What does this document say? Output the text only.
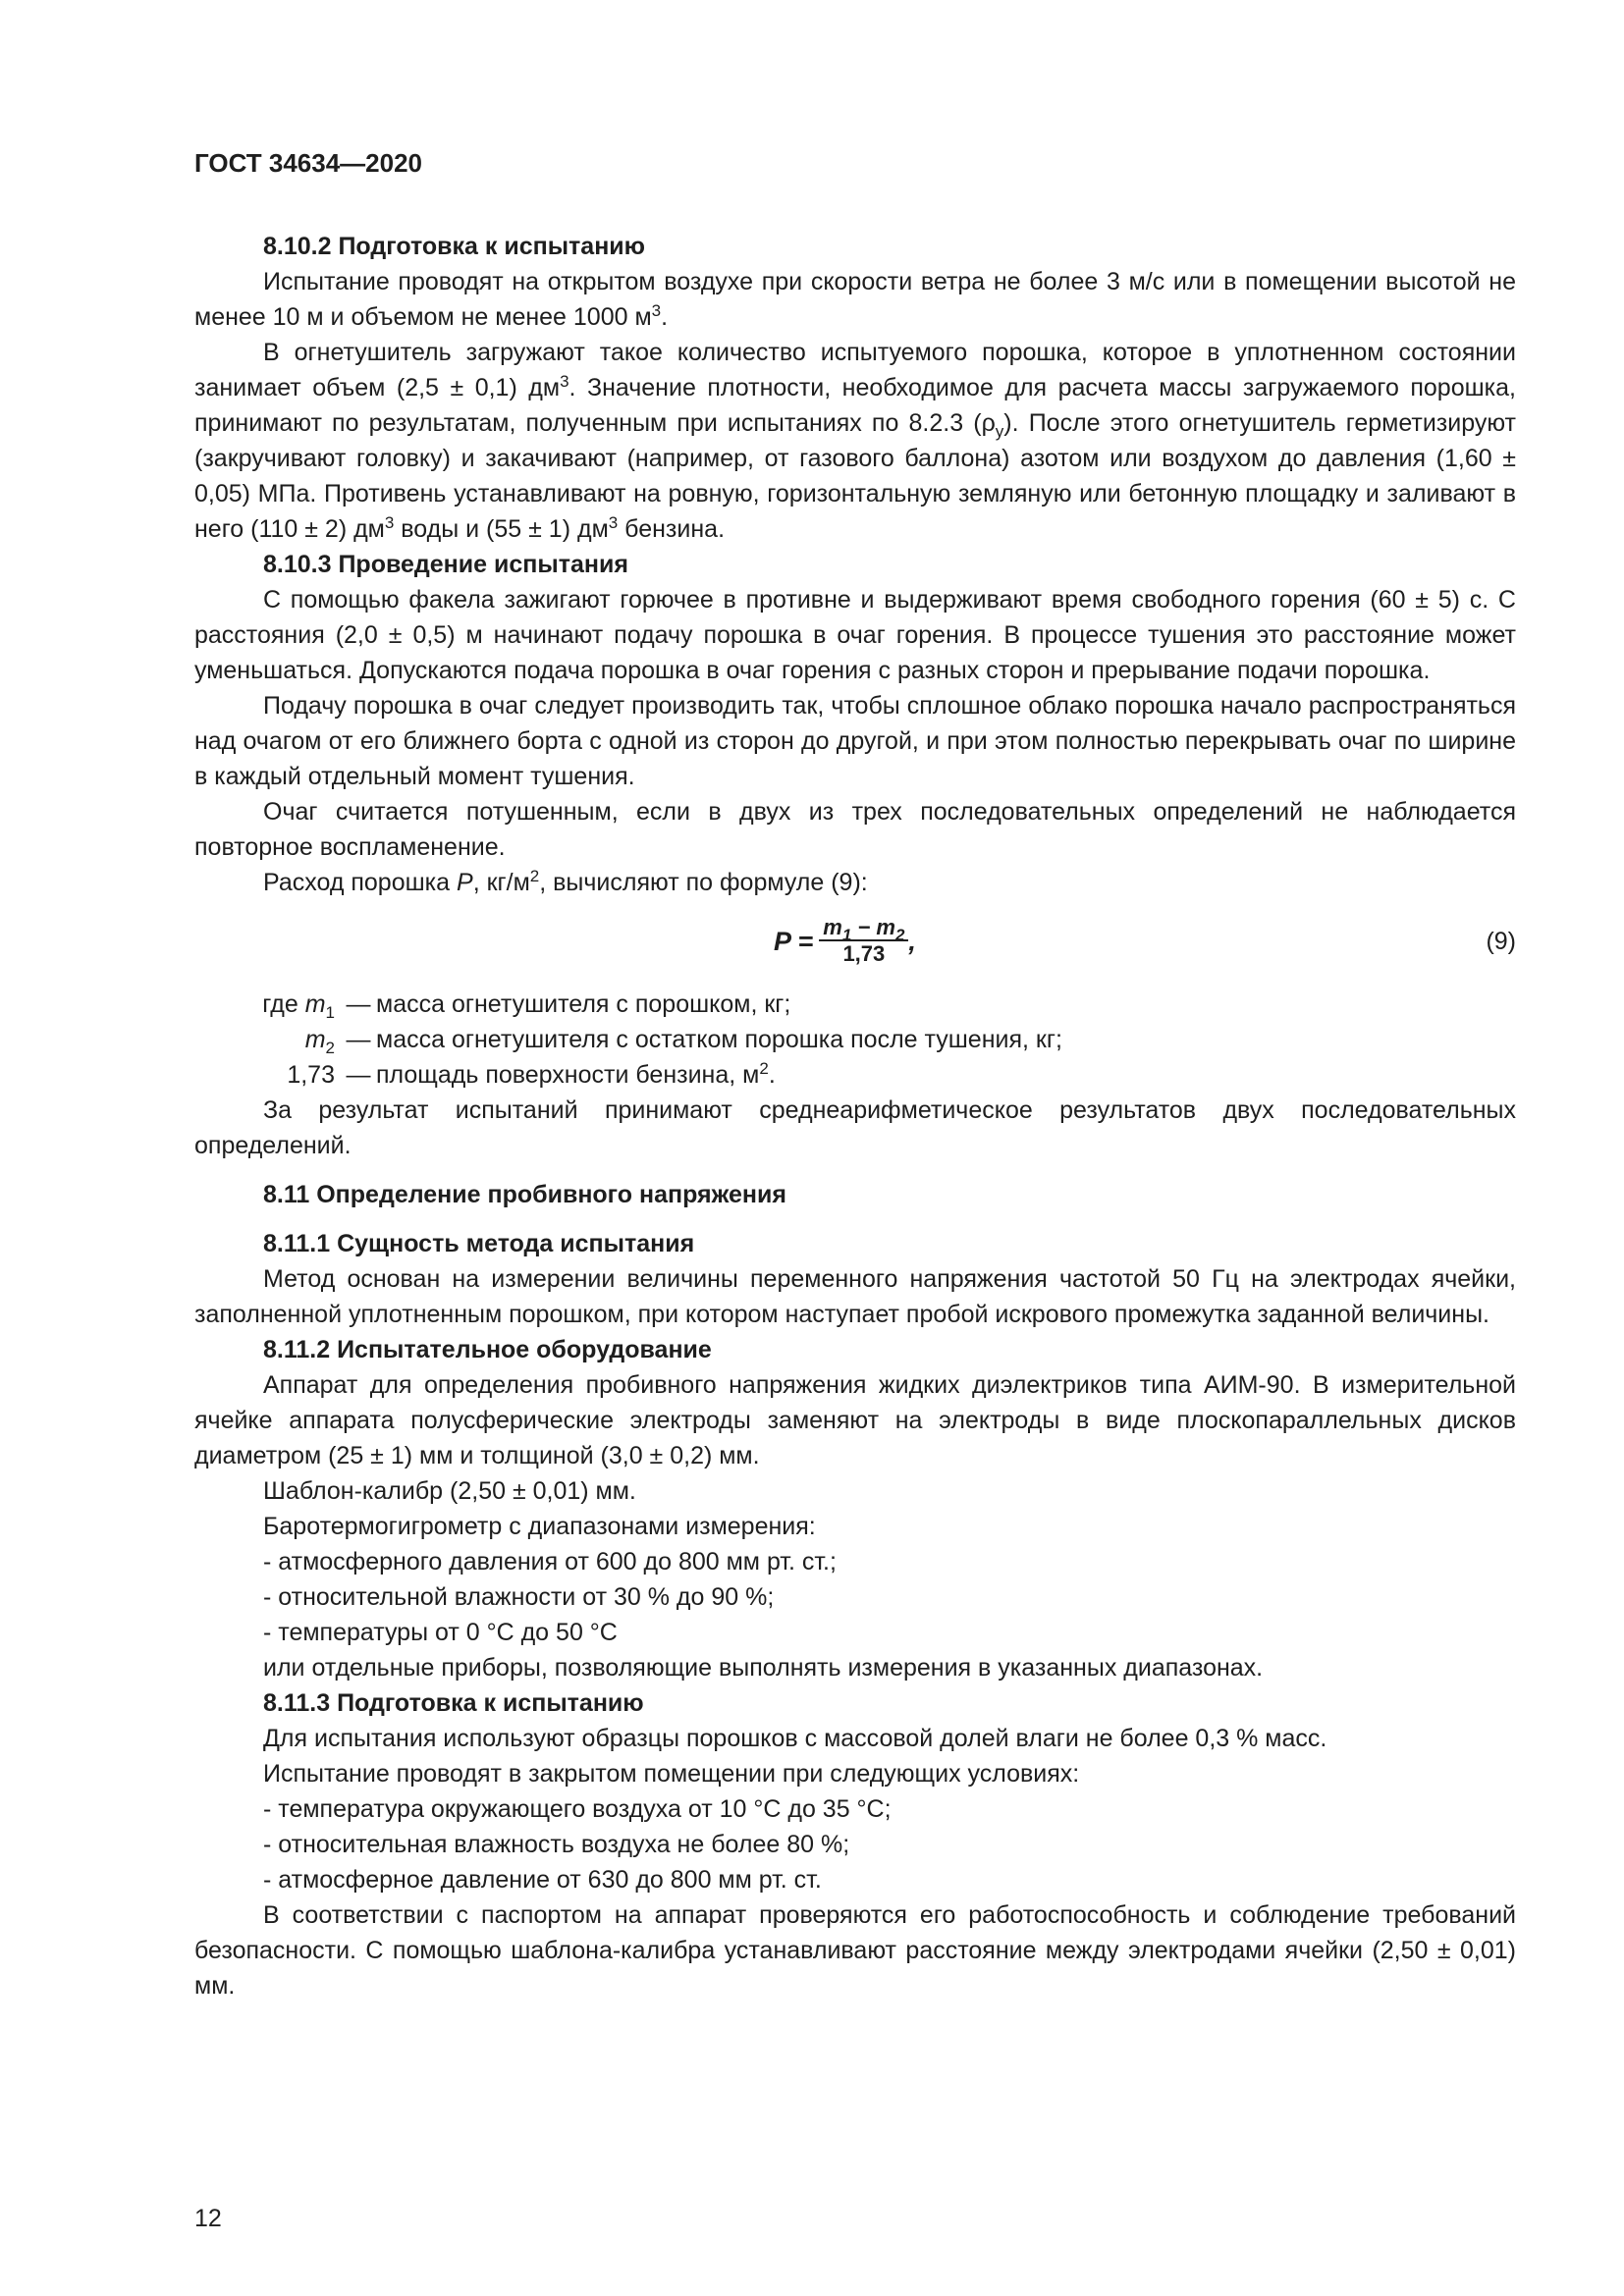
ГОСТ 34634—2020

8.10.2 Подготовка к испытанию

Испытание проводят на открытом воздухе при скорости ветра не более 3 м/с или в помещении высотой не менее 10 м и объемом не менее 1000 $м^3$.

В огнетушитель загружают такое количество испытуемого порошка, которое в уплотненном состоянии занимает объем (2,5 ± 0,1) $дм^3$. Значение плотности, необходимое для расчета массы загружаемого порошка, принимают по результатам, полученным при испытаниях по 8.2.3 $(\rho_у)$. После этого огнетушитель герметизируют (закручивают головку) и закачивают (например, от газового баллона) азотом или воздухом до давления (1,60 ± 0,05) МПа. Противень устанавливают на ровную, горизонтальную земляную или бетонную площадку и заливают в него (110 ± 2) $дм^3$ воды и (55 ± 1) $дм^3$ бензина.

8.10.3 Проведение испытания

С помощью факела зажигают горючее в противне и выдерживают время свободного горения (60 ± 5) с. С расстояния (2,0 ± 0,5) м начинают подачу порошка в очаг горения. В процессе тушения это расстояние может уменьшаться. Допускаются подача порошка в очаг горения с разных сторон и прерывание подачи порошка.

Подачу порошка в очаг следует производить так, чтобы сплошное облако порошка начало распространяться над очагом от его ближнего борта с одной из сторон до другой, и при этом полностью перекрывать очаг по ширине в каждый отдельный момент тушения.

Очаг считается потушенным, если в двух из трех последовательных определений не наблюдается повторное воспламенение.

Расход порошка P, $кг/м^2$, вычисляют по формуле (9):

$P = \frac{m_1 - m_2}{1,73}$ ,	(9)
где $m_1$ — масса огнетушителя с порошком, кг;
$m_2$ — масса огнетушителя с остатком порошка после тушения, кг;
1,73 — площадь поверхности бензина, $м^2$.

За результат испытаний принимают среднеарифметическое результатов двух последовательных определений.

8.11 Определение пробивного напряжения

8.11.1 Сущность метода испытания

Метод основан на измерении величины переменного напряжения частотой 50 Гц на электродах ячейки, заполненной уплотненным порошком, при котором наступает пробой искрового промежутка заданной величины.

8.11.2 Испытательное оборудование

Аппарат для определения пробивного напряжения жидких диэлектриков типа АИМ-90. В измерительной ячейке аппарата полусферические электроды заменяют на электроды в виде плоскопараллельных дисков диаметром (25 ± 1) мм и толщиной (3,0 ± 0,2) мм.

Шаблон-калибр (2,50 ± 0,01) мм.

Баротермогигрометр с диапазонами измерения:

- атмосферного давления от 600 до 800 мм рт. ст.;

- относительной влажности от 30 % до 90 %;

- температуры от 0 °С до 50 °С

или отдельные приборы, позволяющие выполнять измерения в указанных диапазонах.

8.11.3 Подготовка к испытанию

Для испытания используют образцы порошков с массовой долей влаги не более 0,3 % масс.

Испытание проводят в закрытом помещении при следующих условиях:

- температура окружающего воздуха от 10 °С до 35 °С;

- относительная влажность воздуха не более 80 %;

- атмосферное давление от 630 до 800 мм рт. ст.

В соответствии с паспортом на аппарат проверяются его работоспособность и соблюдение требований безопасности. С помощью шаблона-калибра устанавливают расстояние между электродами ячейки (2,50 ± 0,01) мм.

12
